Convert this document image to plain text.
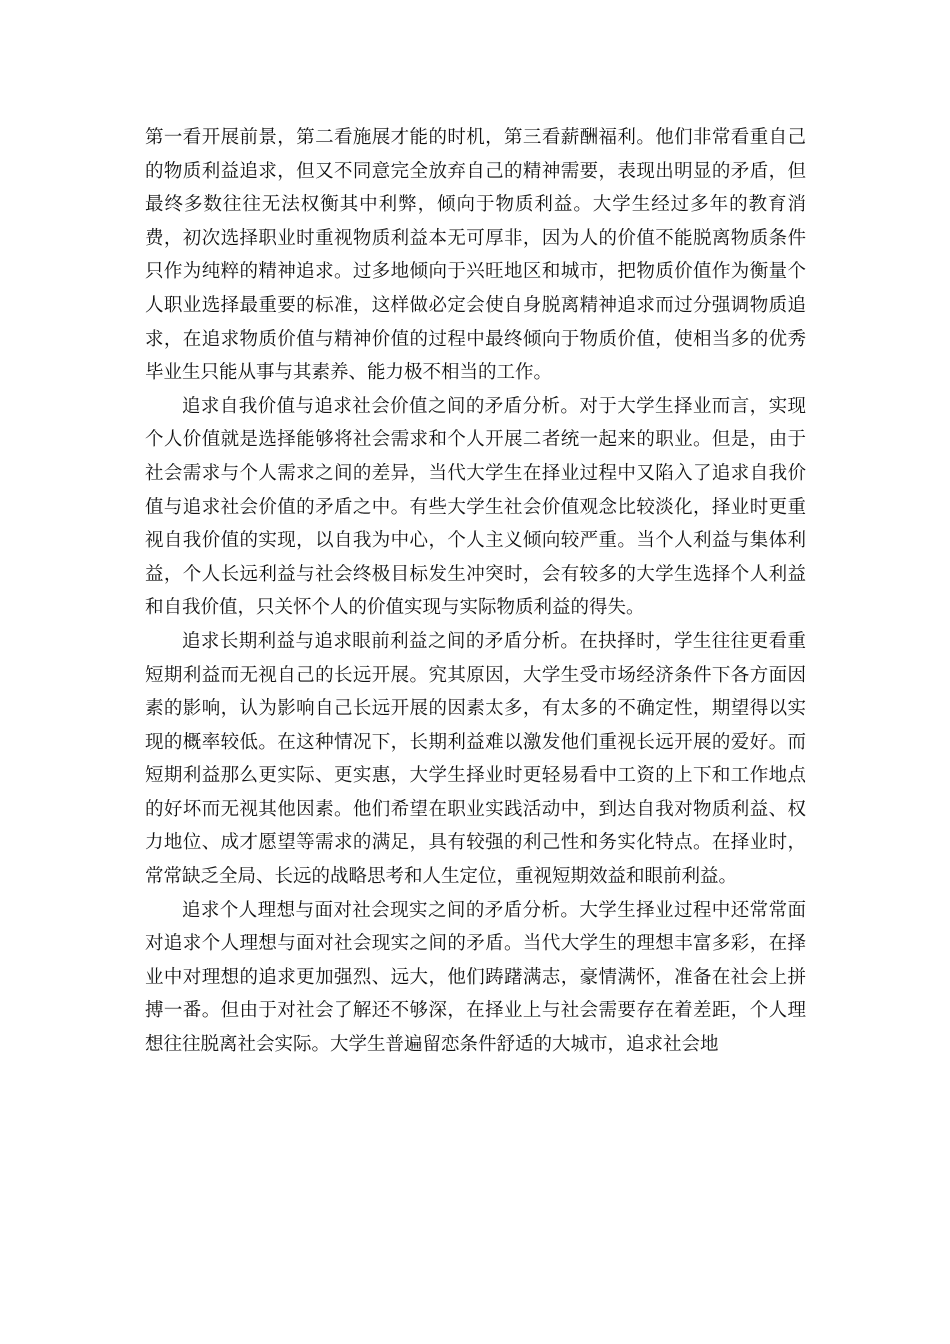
第一看开展前景，第二看施展才能的时机，第三看薪酬福利。他们非常看重自己的物质利益追求，但又不同意完全放弃自己的精神需要，表现出明显的矛盾，但最终多数往往无法权衡其中利弊，倾向于物质利益。大学生经过多年的教育消费，初次选择职业时重视物质利益本无可厚非，因为人的价值不能脱离物质条件只作为纯粹的精神追求。过多地倾向于兴旺地区和城市，把物质价值作为衡量个人职业选择最重要的标准，这样做必定会使自身脱离精神追求而过分强调物质追求，在追求物质价值与精神价值的过程中最终倾向于物质价值，使相当多的优秀毕业生只能从事与其素养、能力极不相当的工作。

追求自我价值与追求社会价值之间的矛盾分析。对于大学生择业而言，实现个人价值就是选择能够将社会需求和个人开展二者统一起来的职业。但是，由于社会需求与个人需求之间的差异，当代大学生在择业过程中又陷入了追求自我价值与追求社会价值的矛盾之中。有些大学生社会价值观念比较淡化，择业时更重视自我价值的实现，以自我为中心，个人主义倾向较严重。当个人利益与集体利益，个人长远利益与社会终极目标发生冲突时，会有较多的大学生选择个人利益和自我价值，只关怀个人的价值实现与实际物质利益的得失。

追求长期利益与追求眼前利益之间的矛盾分析。在抉择时，学生往往更看重短期利益而无视自己的长远开展。究其原因，大学生受市场经济条件下各方面因素的影响，认为影响自己长远开展的因素太多，有太多的不确定性，期望得以实现的概率较低。在这种情况下，长期利益难以激发他们重视长远开展的爱好。而短期利益那么更实际、更实惠，大学生择业时更轻易看中工资的上下和工作地点的好坏而无视其他因素。他们希望在职业实践活动中，到达自我对物质利益、权力地位、成才愿望等需求的满足，具有较强的利己性和务实化特点。在择业时，常常缺乏全局、长远的战略思考和人生定位，重视短期效益和眼前利益。

追求个人理想与面对社会现实之间的矛盾分析。大学生择业过程中还常常面对追求个人理想与面对社会现实之间的矛盾。当代大学生的理想丰富多彩，在择业中对理想的追求更加强烈、远大，他们踌躇满志，豪情满怀，准备在社会上拼搏一番。但由于对社会了解还不够深，在择业上与社会需要存在着差距，个人理想往往脱离社会实际。大学生普遍留恋条件舒适的大城市，追求社会地
